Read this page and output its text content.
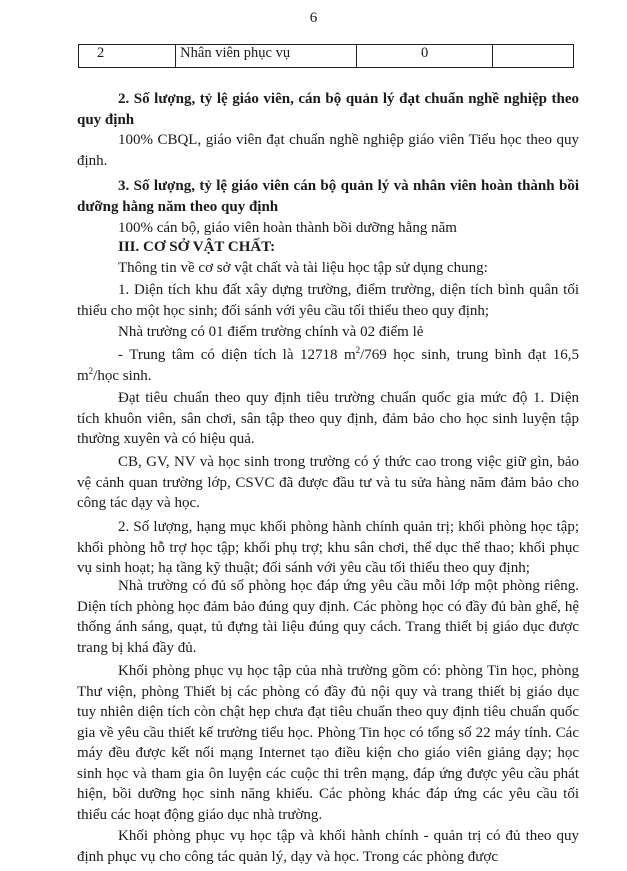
6
2	Nhân viên phục vụ	0	
2. Số lượng, tỷ lệ giáo viên, cán bộ quản lý đạt chuẩn nghề nghiệp theo quy định
100% CBQL, giáo viên đạt chuẩn nghề nghiệp giáo viên Tiểu học theo quy định.
3. Số lượng, tỷ lệ giáo viên cán bộ quản lý và nhân viên hoàn thành bồi dưỡng hằng năm theo quy định
100% cán bộ, giáo viên hoàn thành bồi dưỡng hằng năm
III. CƠ SỞ VẬT CHẤT:
Thông tin về cơ sở vật chất và tài liệu học tập sử dụng chung:
1. Diện tích khu đất xây dựng trường, điểm trường, diện tích bình quân tối thiểu cho một học sinh; đối sánh với yêu cầu tối thiểu theo quy định;
Nhà trường có 01 điểm trường chính và 02 điểm lẻ
- Trung tâm có diện tích là 12718 $m^2/769$ học sinh, trung bình đạt 16,5 $m^2$/học sinh.
Đạt tiêu chuẩn theo quy định tiêu trường chuẩn quốc gia mức độ 1. Diện tích khuôn viên, sân chơi, sân tập theo quy định, đảm bảo cho học sinh luyện tập thường xuyên và có hiệu quả.
CB, GV, NV và học sinh trong trường có ý thức cao trong việc giữ gìn, bảo vệ cảnh quan trường lớp, CSVC đã được đầu tư và tu sửa hàng năm đảm bảo cho công tác dạy và học.
2. Số lượng, hạng mục khối phòng hành chính quản trị; khối phòng học tập; khối phòng hỗ trợ học tập; khối phụ trợ; khu sân chơi, thể dục thể thao; khối phục vụ sinh hoạt; hạ tầng kỹ thuật; đối sánh với yêu cầu tối thiểu theo quy định;
Nhà trường có đủ số phòng học đáp ứng yêu cầu mỗi lớp một phòng riêng. Diện tích phòng học đảm bảo đúng quy định. Các phòng học có đầy đủ bàn ghế, hệ thống ánh sáng, quạt, tủ đựng tài liệu đúng quy cách. Trang thiết bị giáo dục được trang bị khá đầy đủ.
Khối phòng phục vụ học tập của nhà trường gồm có: phòng Tin học, phòng Thư viện, phòng Thiết bị các phòng có đầy đủ nội quy và trang thiết bị giáo dục tuy nhiên diện tích còn chật hẹp chưa đạt tiêu chuẩn theo quy định tiêu chuẩn quốc gia về yêu cầu thiết kế trường tiểu học. Phòng Tin học có tổng số 22 máy tính. Các máy đều được kết nối mạng Internet tạo điều kiện cho giáo viên giảng dạy; học sinh học và tham gia ôn luyện các cuộc thi trên mạng, đáp ứng được yêu cầu phát hiện, bồi dưỡng học sinh năng khiếu. Các phòng khác đáp ứng các yêu cầu tối thiểu các hoạt động giáo dục nhà trường.
Khối phòng phục vụ học tập và khối hành chính - quản trị có đủ theo quy định phục vụ cho công tác quản lý, dạy và học. Trong các phòng được
